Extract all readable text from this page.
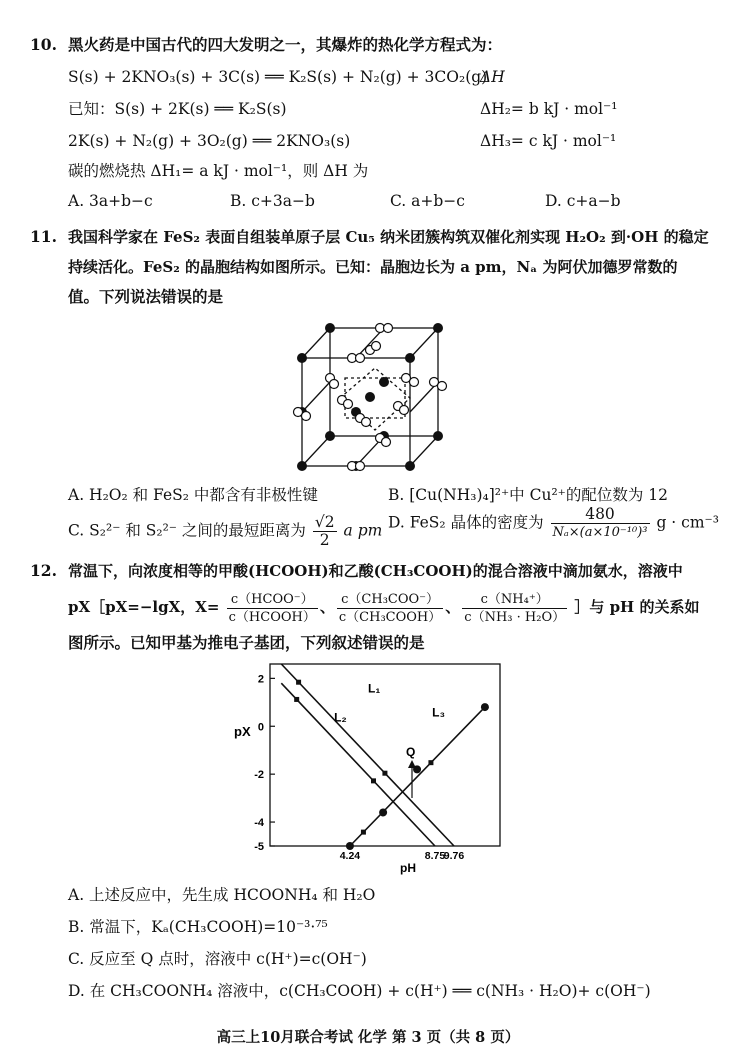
10. 黑火药是中国古代的四大发明之一，其爆炸的热化学方程式为：
S(s) + 2KNO₃(s) + 3C(s) ══ K₂S(s) + N₂(g) + 3CO₂(g)
ΔH
已知：S(s) + 2K(s) ══ K₂S(s)	ΔH₂= b kJ · mol⁻¹
2K(s) + N₂(g) + 3O₂(g) ══ 2KNO₃(s)	ΔH₃= c kJ · mol⁻¹
碳的燃烧热 ΔH₁= a kJ · mol⁻¹，则 ΔH 为
A. 3a+b−c	B. c+3a−b	C. a+b−c	D. c+a−b
11. 我国科学家在 FeS₂ 表面自组装单原子层 Cu₅ 纳米团簇构筑双催化剂实现 H₂O₂ 到·OH 的稳定
持续活化。FeS₂ 的晶胞结构如图所示。已知：晶胞边长为 a pm，Nₐ 为阿伏加德罗常数的
值。下列说法错误的是
A. H₂O₂ 和 FeS₂ 中都含有非极性键	B. [Cu(NH₃)₄]²⁺中 Cu²⁺的配位数为 12
C. S₂²⁻ 和 S₂²⁻ 之间的最短距离为 $\frac{√2}{2}$ a pm D. FeS₂ 晶体的密度为 $\frac{480}{\text{Nₐ×(a×10⁻¹⁰)³}}$ g · cm⁻³
12. 常温下，向浓度相等的甲酸(HCOOH)和乙酸(CH₃COOH)的混合溶液中滴加氨水，溶液中
pX［pX=−lgX，$X= \frac{\text{c（HCOO⁻）}}{\text{c（HCOOH）}}$ 、 $\frac{\text{c（CH₃COO⁻）}}{\text{c（CH₃COOH）}}$ 、 $\frac{\text{c（NH₄⁺）}}{\text{c（NH₃ · H₂O）}}$ ］与 pH 的关系如
图所示。已知甲基为推电子基团，下列叙述错误的是
2
0
-2
-4
-5
4.24	8.75
9.76
L₁
L₂	L₃
pX
pH
Q
A. 上述反应中，先生成 HCOONH₄ 和 H₂O
B. 常温下，Kₐ(CH₃COOH)=10⁻³·⁷⁵
C. 反应至 Q 点时，溶液中 c(H⁺)=c(OH⁻)
D. 在 CH₃COONH₄ 溶液中，c(CH₃COOH) + c(H⁺) ══ c(NH₃ · H₂O)+ c(OH⁻)
高三上10月联合考试 化学 第 3 页（共 8 页）
